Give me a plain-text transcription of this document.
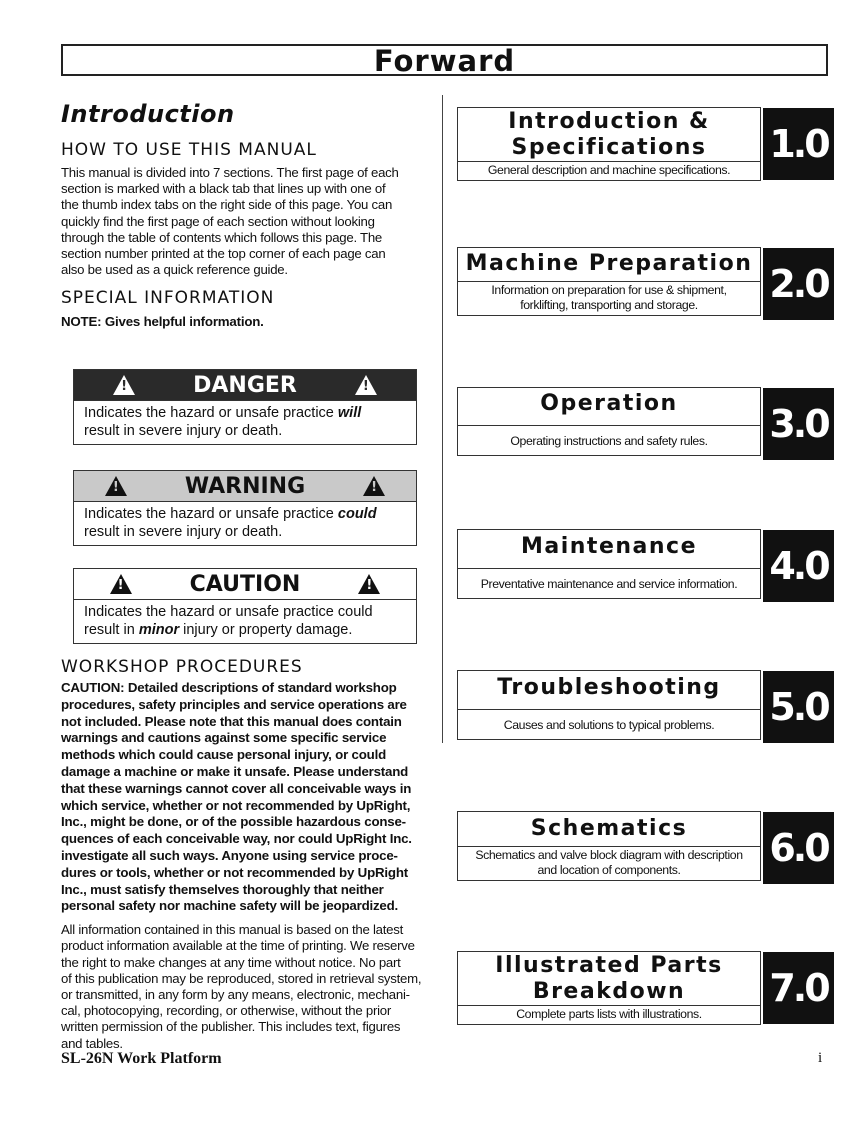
Forward
Introduction
HOW TO USE THIS MANUAL
This manual is divided into 7 sections. The first page of each
section is marked with a black tab that lines up with one of
the thumb index tabs on the right side of this page. You can
quickly find the first page of each section without looking
through the table of contents which follows this page. The
section number printed at the top corner of each page can
also be used as a quick reference guide.
SPECIAL INFORMATION
NOTE: Gives helpful information.
!
DANGER
!
Indicates the hazard or unsafe practice will
result in severe injury or death.
!
WARNING
!
Indicates the hazard or unsafe practice could
result in severe injury or death.
!
CAUTION
!
Indicates the hazard or unsafe practice could
result in minor injury or property damage.
WORKSHOP PROCEDURES
CAUTION: Detailed descriptions of standard workshop
procedures, safety principles and service operations are
not included. Please note that this manual does contain
warnings and cautions against some specific service
methods which could cause personal injury, or could
damage a machine or make it unsafe. Please understand
that these warnings cannot cover all conceivable ways in
which service, whether or not recommended by UpRight,
Inc., might be done, or of the possible hazardous conse-
quences of each conceivable way, nor could UpRight Inc.
investigate all such ways. Anyone using service proce-
dures or tools, whether or not recommended by UpRight
Inc., must satisfy themselves thoroughly that neither
personal safety nor machine safety will be jeopardized.
All information contained in this manual is based on the latest
product information available at the time of printing. We reserve
the right to make changes at any time without notice. No part
of this publication may be reproduced, stored in retrieval system,
or transmitted, in any form by any means, electronic, mechani-
cal, photocopying, recording, or otherwise, without the prior
written permission of the publisher. This includes text, figures
and tables.
Introduction &
Specifications
General description and machine specifications.
1.0
Machine Preparation
Information on preparation for use & shipment,
forklifting, transporting and storage.	2.0
Operation
Operating instructions and safety rules.	3.0
Maintenance
Preventative maintenance and service information. 4.0
Troubleshooting
Causes and solutions to typical problems.	5.0
Schematics
Schematics and valve block diagram with description
and location of components.	6.0
Illustrated Parts
Breakdown
Complete parts lists with illustrations.
7.0
SL-26N Work Platform	i
